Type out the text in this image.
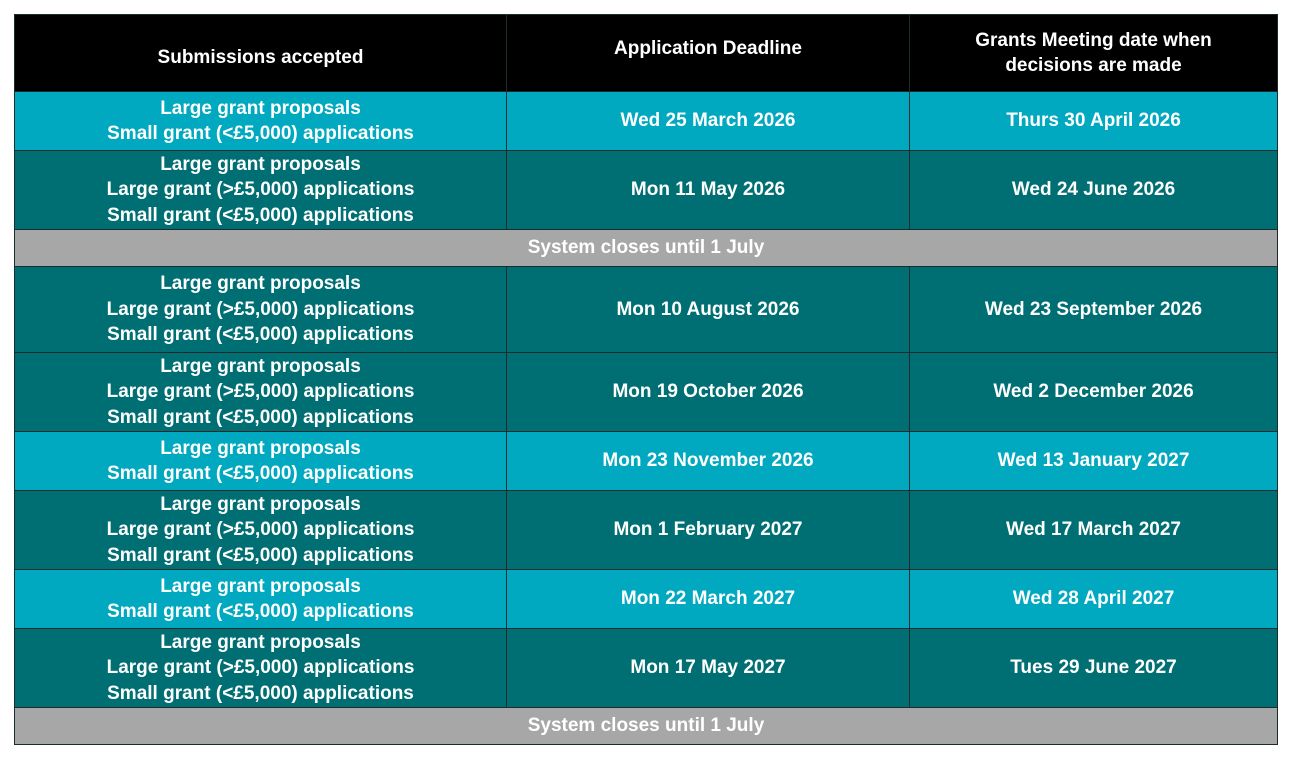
Submissions accepted	Application Deadline	Grants Meeting date when
decisions are made

Large grant proposals
Small grant (<£5,000) applications	Wed 25 March 2026	Thurs 30 April 2026

Large grant proposals
Large grant (>£5,000) applications
Small grant (<£5,000) applications	Mon 11 May 2026	Wed 24 June 2026
System closes until 1 July		

Large grant proposals
Large grant (>£5,000) applications
Small grant (<£5,000) applications	Mon 10 August 2026	Wed 23 September 2026

Large grant proposals
Large grant (>£5,000) applications
Small grant (<£5,000) applications	Mon 19 October 2026	Wed 2 December 2026

Large grant proposals
Small grant (<£5,000) applications	Mon 23 November 2026	Wed 13 January 2027

Large grant proposals
Large grant (>£5,000) applications
Small grant (<£5,000) applications	Mon 1 February 2027	Wed 17 March 2027

Large grant proposals
Small grant (<£5,000) applications	Mon 22 March 2027	Wed 28 April 2027

Large grant proposals
Large grant (>£5,000) applications
Small grant (<£5,000) applications	Mon 17 May 2027	Tues 29 June 2027
System closes until 1 July		
